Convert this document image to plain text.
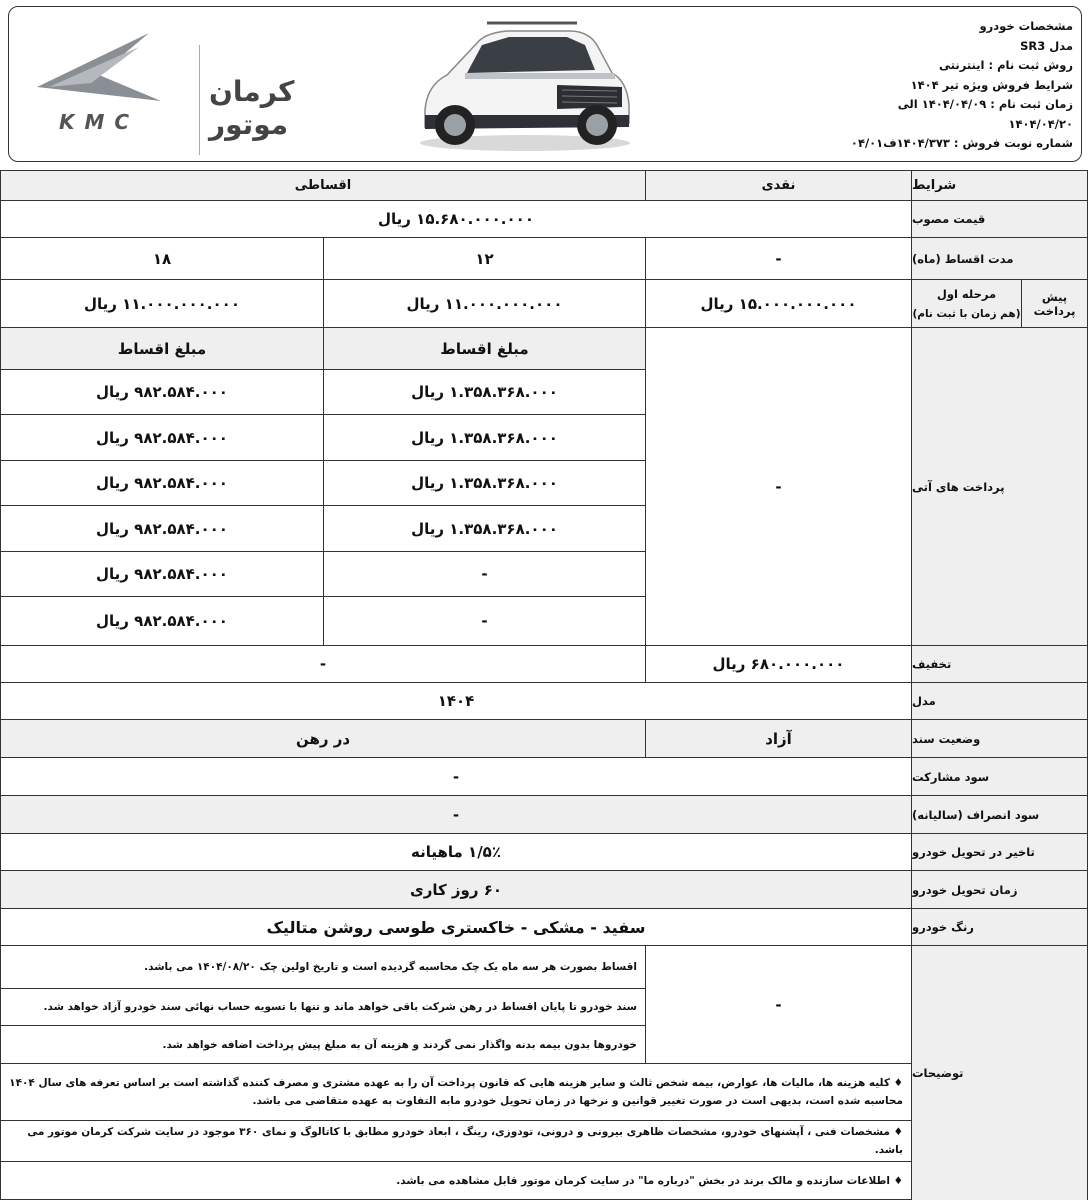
مشخصات خودرو
مدل SR3
روش ثبت نام : اینترنتی
شرایط فروش ویژه تیر ۱۴۰۴
زمان ثبت نام : ۱۴۰۴/۰۴/۰۹ الی ۱۴۰۴/۰۴/۲۰
شماره نوبت فروش : ۱۴۰۴/۳۷۳ف۰۴/۰۱
KMC
کرمان موتور
شرایط
نقدی
اقساطی
قیمت مصوب
۱۵.۶۸۰.۰۰۰.۰۰۰ ریال
مدت اقساط (ماه)
-
۱۲
۱۸
پیش پرداخت
مرحله اول
(هم زمان با ثبت نام)
۱۵.۰۰۰.۰۰۰.۰۰۰ ریال
۱۱.۰۰۰.۰۰۰.۰۰۰ ریال
۱۱.۰۰۰.۰۰۰.۰۰۰ ریال
پرداخت های آتی
-
مبلغ اقساط
مبلغ اقساط
۱.۳۵۸.۳۶۸.۰۰۰ ریال
۱.۳۵۸.۳۶۸.۰۰۰ ریال
۱.۳۵۸.۳۶۸.۰۰۰ ریال
۱.۳۵۸.۳۶۸.۰۰۰ ریال
-
-
۹۸۲.۵۸۴.۰۰۰ ریال
۹۸۲.۵۸۴.۰۰۰ ریال
۹۸۲.۵۸۴.۰۰۰ ریال
۹۸۲.۵۸۴.۰۰۰ ریال
۹۸۲.۵۸۴.۰۰۰ ریال
۹۸۲.۵۸۴.۰۰۰ ریال
تخفیف
۶۸۰.۰۰۰.۰۰۰ ریال
-
مدل
۱۴۰۴
وضعیت سند
آزاد
در رهن
سود مشارکت
-
سود انصراف (سالیانه)
-
تاخیر در تحویل خودرو
۱/۵٪ ماهیانه
زمان تحویل خودرو
۶۰ روز کاری
رنگ خودرو
سفید - مشکی - خاکستری طوسی روشن متالیک
توضیحات
-
اقساط بصورت هر سه ماه یک چک محاسبه گردیده است و تاریخ اولین چک ۱۴۰۴/۰۸/۲۰ می باشد.
سند خودرو تا پایان اقساط در رهن شرکت باقی خواهد ماند و تنها با تسویه حساب نهائی سند خودرو آزاد خواهد شد.
خودروها بدون بیمه بدنه واگذار نمی گردند و هزینه آن به مبلغ پیش پرداخت اضافه خواهد شد.
♦ کلیه هزینه ها، مالیات ها، عوارض، بیمه شخص ثالث و سایر هزینه هایی که قانون پرداخت آن را به عهده مشتری و مصرف کننده گذاشته است بر اساس تعرفه های سال ۱۴۰۴ محاسبه شده است، بدیهی است در صورت تغییر قوانین و نرخها در زمان تحویل خودرو مابه التفاوت به عهده متقاضی می باشد.
♦ مشخصات فنی ، آپشنهای خودرو، مشخصات ظاهری بیرونی و درونی، تودوزی، رینگ ، ابعاد خودرو مطابق با کاتالوگ و نمای ۳۶۰ موجود در سایت شرکت کرمان موتور می باشد.
♦ اطلاعات سازنده و مالک برند در بخش "درباره ما" در سایت کرمان موتور قابل مشاهده می باشد.
